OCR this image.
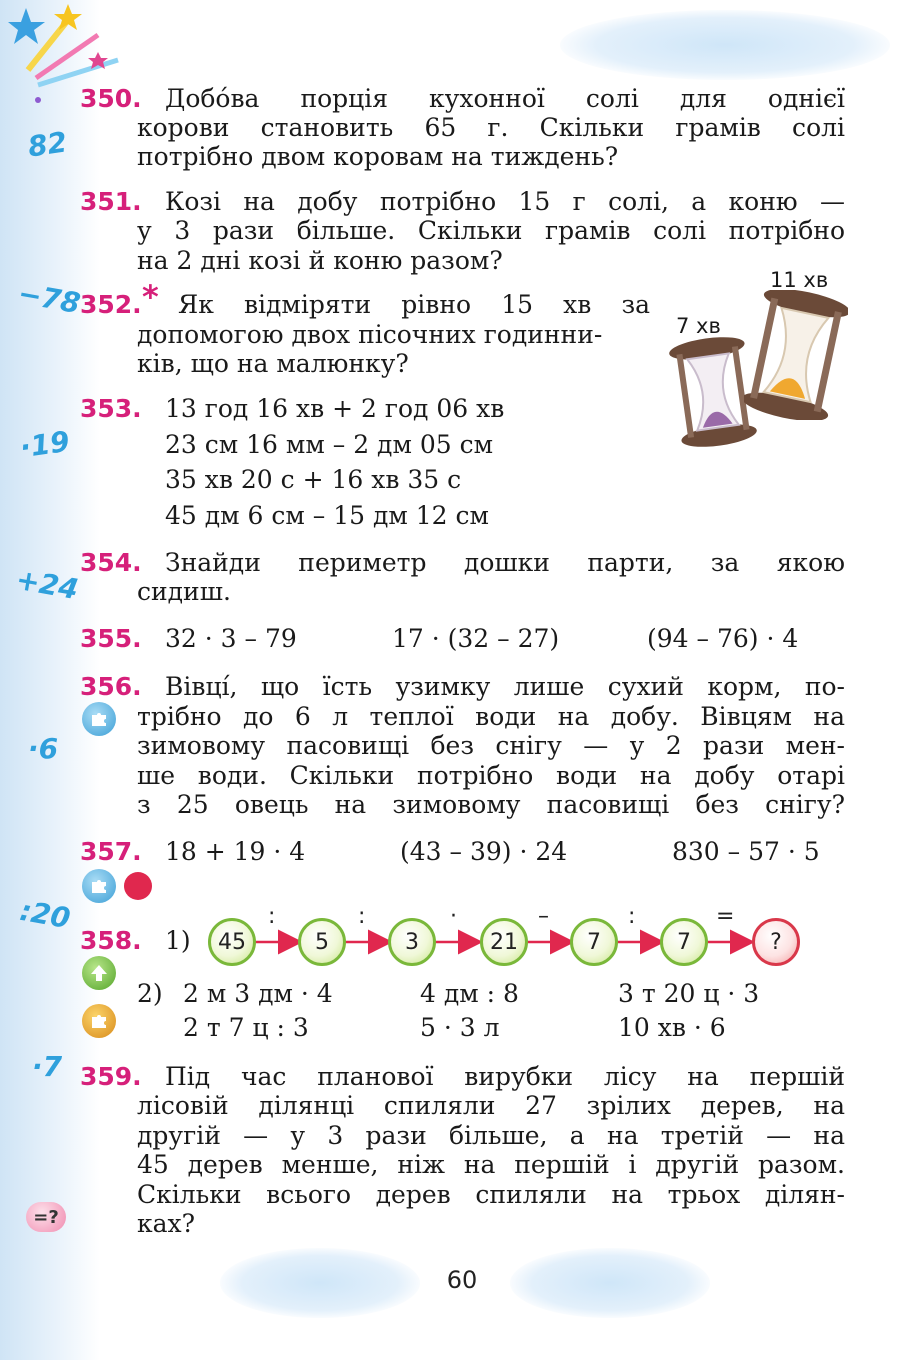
82
−78
·19
+24
·6
:20
·7
350. Добóва порція кухонної солі для однієї
корови становить 65 г. Скільки грамів солі
потрібно двом коровам на тиждень?
351. Козі на добу потрібно 15 г солі, а коню —
у 3 рази більше. Скільки грамів солі потрібно
на 2 дні козі й коню разом?
352. * Як відміряти рівно 15 хв за
допомогою двох пісочних годинни-
ків, що на малюнку?
11 хв
7 хв
353. 13 год 16 хв + 2 год 06 хв
23 см 16 мм – 2 дм 05 см
35 хв 20 с + 16 хв 35 с
45 дм 6 см – 15 дм 12 см
354. Знайди периметр дошки парти, за якою
сидиш.
355. 32 · 3 – 79	17 · (32 – 27)	(94 – 76) · 4
356. Вівцí, що їсть узимку лише сухий корм, по-
трібно до 6 л теплої води на добу. Вівцям на
зимовому пасовищі без снігу — у 2 рази мен-
ше води. Скільки потрібно води на добу отарі
з 25 овець на зимовому пасовищі без снігу?
357. 18 + 19 · 4	(43 – 39) · 24	830 – 57 · 5
358. 1)	45	5	3	21	7	7	?
:	:	·	–	:	=
2) 2 м 3 дм · 4	4 дм : 8	3 т 20 ц · 3
2 т 7 ц : 3	5 · 3 л	10 хв · 6
359. Під час планової вирубки лісу на першій
лісовій ділянці спиляли 27 зрілих дерев, на
другій — у 3 рази більше, а на третій — на
45 дерев менше, ніж на першій і другій разом.
Скільки всього дерев спиляли на трьох ділян-
ках?
=?
60
